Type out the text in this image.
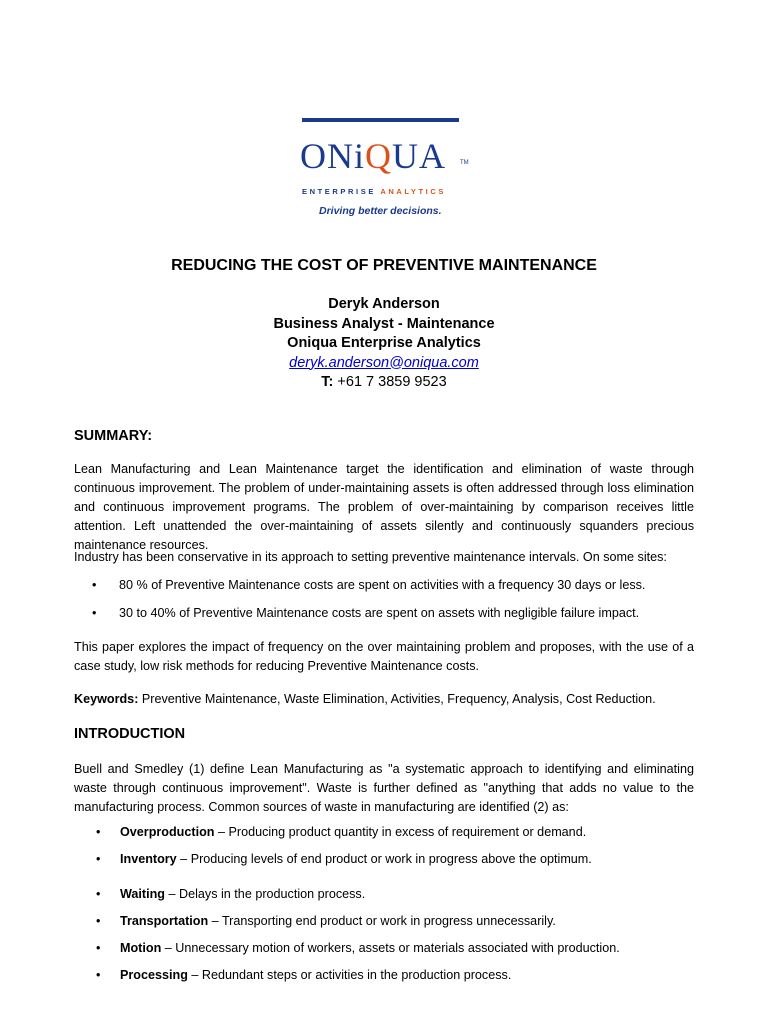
ONiQUA TM
ENTERPRISE ANALYTICS
Driving better decisions.
REDUCING THE COST OF PREVENTIVE MAINTENANCE
Deryk Anderson
Business Analyst - Maintenance
Oniqua Enterprise Analytics
deryk.anderson@oniqua.com
T: +61 7 3859 9523
SUMMARY:
Lean Manufacturing and Lean Maintenance target the identification and elimination of waste through continuous improvement. The problem of under-maintaining assets is often addressed through loss elimination and continuous improvement programs. The problem of over-maintaining by comparison receives little attention. Left unattended the over-maintaining of assets silently and continuously squanders precious maintenance resources.
Industry has been conservative in its approach to setting preventive maintenance intervals. On some sites:
• 80 % of Preventive Maintenance costs are spent on activities with a frequency 30 days or less.
• 30 to 40% of Preventive Maintenance costs are spent on assets with negligible failure impact.
This paper explores the impact of frequency on the over maintaining problem and proposes, with the use of a case study, low risk methods for reducing Preventive Maintenance costs.
Keywords: Preventive Maintenance, Waste Elimination, Activities, Frequency, Analysis, Cost Reduction.
INTRODUCTION
Buell and Smedley (1) define Lean Manufacturing as "a systematic approach to identifying and eliminating waste through continuous improvement". Waste is further defined as "anything that adds no value to the manufacturing process. Common sources of waste in manufacturing are identified (2) as:
• Overproduction – Producing product quantity in excess of requirement or demand.
• Inventory – Producing levels of end product or work in progress above the optimum.
• Waiting – Delays in the production process.
• Transportation – Transporting end product or work in progress unnecessarily.
• Motion – Unnecessary motion of workers, assets or materials associated with production.
• Processing – Redundant steps or activities in the production process.
